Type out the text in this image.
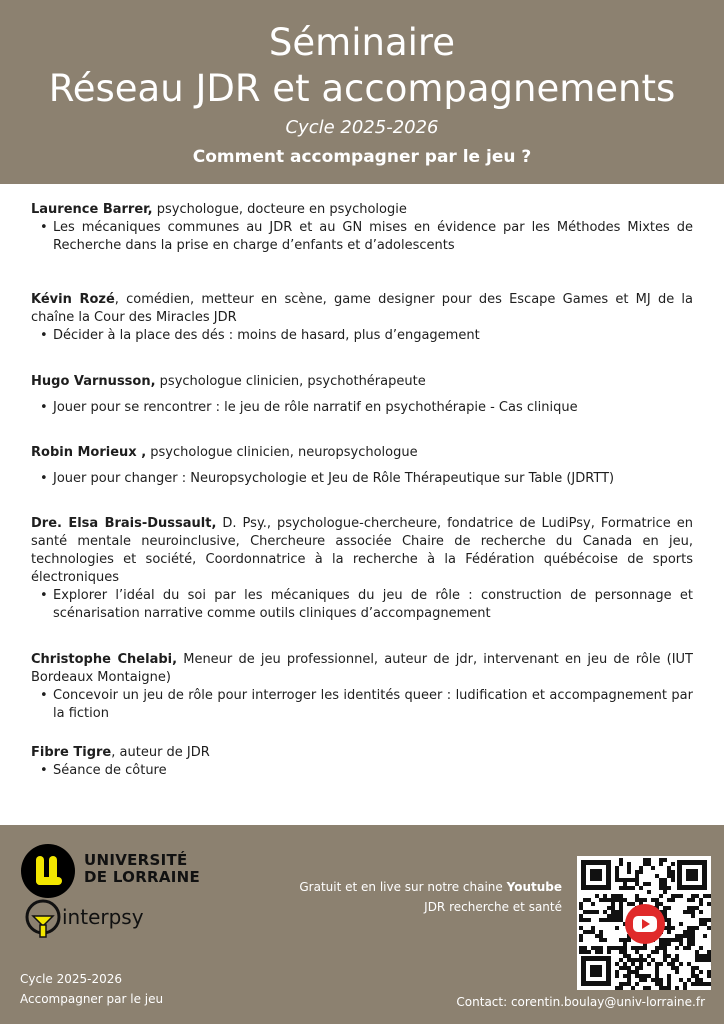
Séminaire
Réseau JDR et accompagnements
Cycle 2025-2026
Comment accompagner par le jeu ?
Laurence Barrer, psychologue, docteure en psychologie
• Les mécaniques communes au JDR et au GN mises en évidence par les Méthodes Mixtes de Recherche dans la prise en charge d’enfants et d’adolescents
Kévin Rozé, comédien, metteur en scène, game designer pour des Escape Games et MJ de la chaîne la Cour des Miracles JDR
• Décider à la place des dés : moins de hasard, plus d’engagement
Hugo Varnusson, psychologue clinicien, psychothérapeute
• Jouer pour se rencontrer : le jeu de rôle narratif en psychothérapie - Cas clinique
Robin Morieux , psychologue clinicien, neuropsychologue
• Jouer pour changer : Neuropsychologie et Jeu de Rôle Thérapeutique sur Table (JDRTT)
Dre. Elsa Brais-Dussault, D. Psy., psychologue-chercheure, fondatrice de LudiPsy, Formatrice en santé mentale neuroinclusive, Chercheure associée Chaire de recherche du Canada en jeu, technologies et société, Coordonnatrice à la recherche à la Fédération québécoise de sports électroniques
• Explorer l’idéal du soi par les mécaniques du jeu de rôle : construction de personnage et scénarisation narrative comme outils cliniques d’accompagnement
Christophe Chelabi, Meneur de jeu professionnel, auteur de jdr, intervenant en jeu de rôle (IUT Bordeaux Montaigne)
• Concevoir un jeu de rôle pour interroger les identités queer : ludification et accompagnement par la fiction
Fibre Tigre, auteur de JDR
• Séance de côture
UNIVERSITÉ
DE LORRAINE
interpsy
Gratuit et en live sur notre chaine Youtube
JDR recherche et santé
Cycle 2025-2026
Accompagner par le jeu	Contact: corentin.boulay@univ-lorraine.fr
